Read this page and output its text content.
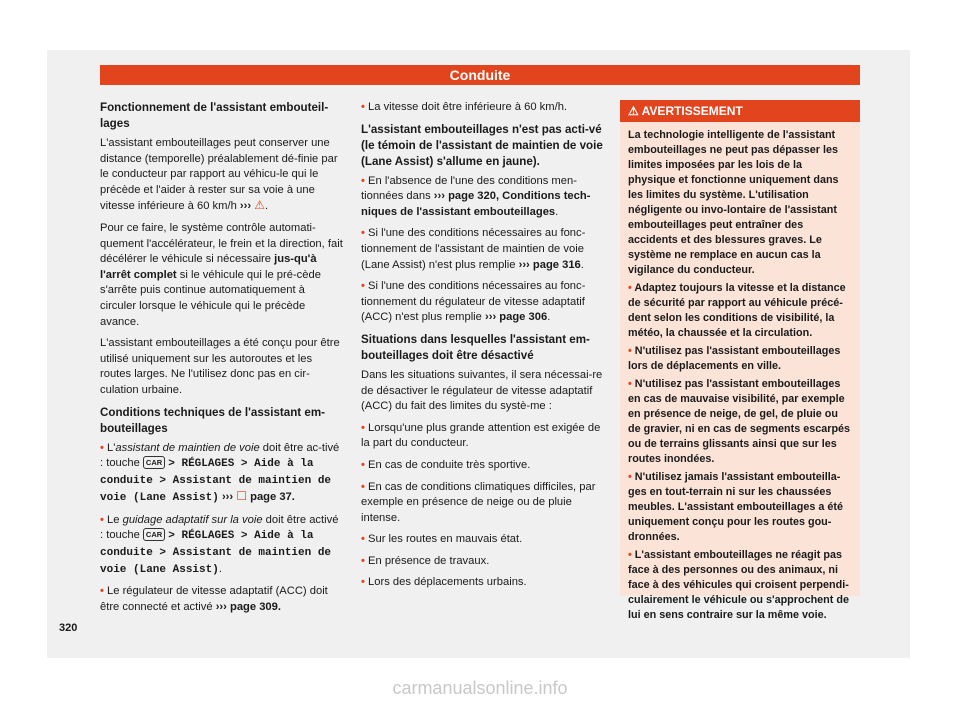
Conduite
Fonctionnement de l'assistant embouteil-lages

L'assistant embouteillages peut conserver une distance (temporelle) préalablement dé-finie par le conducteur par rapport au véhicu-le qui le précède et l'aider à rester sur sa voie à une vitesse inférieure à 60 km/h ››› ⚠.

Pour ce faire, le système contrôle automati-quement l'accélérateur, le frein et la direction, fait décélérer le véhicule si nécessaire jus-qu'à l'arrêt complet si le véhicule qui le pré-cède s'arrête puis continue automatiquement à circuler lorsque le véhicule qui le précède avance.

L'assistant embouteillages a été conçu pour être utilisé uniquement sur les autoroutes et les routes larges. Ne l'utilisez donc pas en cir-culation urbaine.

Conditions techniques de l'assistant em-bouteillages

• L'assistant de maintien de voie doit être ac-tivé : touche CAR > RÉGLAGES > Aide à la conduite > Assistant de maintien de voie (Lane Assist) ››› ☐ page 37.

• Le guidage adaptatif sur la voie doit être activé : touche CAR > RÉGLAGES > Aide à la conduite > Assistant de maintien de voie (Lane Assist).

• Le régulateur de vitesse adaptatif (ACC) doit être connecté et activé ››› page 309.

• La vitesse doit être inférieure à 60 km/h.

L'assistant embouteillages n'est pas acti-vé (le témoin de l'assistant de maintien de voie (Lane Assist) s'allume en jaune).

• En l'absence de l'une des conditions men-tionnées dans ››› page 320, Conditions tech-niques de l'assistant embouteillages.

• Si l'une des conditions nécessaires au fonc-tionnement de l'assistant de maintien de voie (Lane Assist) n'est plus remplie ››› page 316.

• Si l'une des conditions nécessaires au fonc-tionnement du régulateur de vitesse adaptatif (ACC) n'est plus remplie ››› page 306.

Situations dans lesquelles l'assistant em-bouteillages doit être désactivé

Dans les situations suivantes, il sera nécessai-re de désactiver le régulateur de vitesse adaptatif (ACC) du fait des limites du systè-me :

• Lorsqu'une plus grande attention est exigée de la part du conducteur.

• En cas de conduite très sportive.

• En cas de conditions climatiques difficiles, par exemple en présence de neige ou de pluie intense.

• Sur les routes en mauvais état.

• En présence de travaux.

• Lors des déplacements urbains.

⚠ AVERTISSEMENT

La technologie intelligente de l'assistant embouteillages ne peut pas dépasser les limites imposées par les lois de la physique et fonctionne uniquement dans les limites du système. L'utilisation négligente ou invo-lontaire de l'assistant embouteillages peut entraîner des accidents et des blessures graves. Le système ne remplace en aucun cas la vigilance du conducteur.

• Adaptez toujours la vitesse et la distance de sécurité par rapport au véhicule précé-dent selon les conditions de visibilité, la météo, la chaussée et la circulation.

• N'utilisez pas l'assistant embouteillages lors de déplacements en ville.

• N'utilisez pas l'assistant embouteillages en cas de mauvaise visibilité, par exemple en présence de neige, de gel, de pluie ou de gravier, ni en cas de segments escarpés ou de terrains glissants ainsi que sur les routes inondées.

• N'utilisez jamais l'assistant embouteilla-ges en tout-terrain ni sur les chaussées meubles. L'assistant embouteillages a été uniquement conçu pour les routes gou-dronnées.

• L'assistant embouteillages ne réagit pas face à des personnes ou des animaux, ni face à des véhicules qui croisent perpendi-culairement le véhicule ou s'approchent de lui en sens contraire sur la même voie.

320
carmanualsonline.info
